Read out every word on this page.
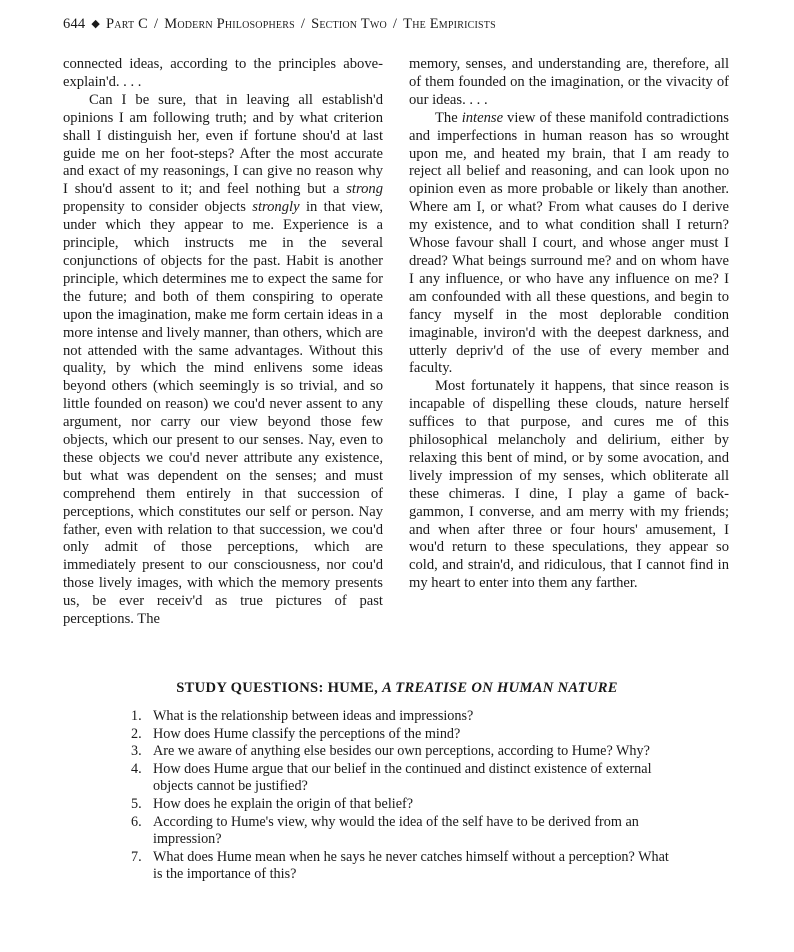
644 ◆ Part C / Modern Philosophers / Section Two / The Empiricists

connected ideas, according to the principles above-explain'd. . . .

Can I be sure, that in leaving all establish'd opinions I am following truth; and by what criterion shall I distinguish her, even if fortune shou'd at last guide me on her foot-steps? After the most accurate and exact of my reasonings, I can give no reason why I shou'd assent to it; and feel nothing but a strong propensity to consider objects strongly in that view, under which they appear to me. Experience is a principle, which instructs me in the several conjunctions of objects for the past. Habit is another principle, which determines me to expect the same for the future; and both of them conspiring to operate upon the imagination, make me form certain ideas in a more intense and lively manner, than others, which are not attended with the same advantages. Without this quality, by which the mind enlivens some ideas beyond others (which seemingly is so trivial, and so little founded on reason) we cou'd never assent to any argument, nor carry our view beyond those few objects, which our present to our senses. Nay, even to these objects we cou'd never attribute any existence, but what was dependent on the senses; and must comprehend them entirely in that succession of perceptions, which constitutes our self or person. Nay father, even with relation to that succession, we cou'd only admit of those perceptions, which are immediately present to our consciousness, nor cou'd those lively images, with which the memory presents us, be ever receiv'd as true pictures of past perceptions. The

memory, senses, and understanding are, therefore, all of them founded on the imagination, or the vivacity of our ideas. . . .

The intense view of these manifold contradictions and imperfections in human reason has so wrought upon me, and heated my brain, that I am ready to reject all belief and reasoning, and can look upon no opinion even as more probable or likely than another. Where am I, or what? From what causes do I derive my existence, and to what condition shall I return? Whose favour shall I court, and whose anger must I dread? What beings surround me? and on whom have I any influence, or who have any influence on me? I am confounded with all these questions, and begin to fancy myself in the most deplorable condition imaginable, inviron'd with the deepest darkness, and utterly depriv'd of the use of every member and faculty.

Most fortunately it happens, that since reason is incapable of dispelling these clouds, nature herself suffices to that purpose, and cures me of this philosophical melancholy and delirium, either by relaxing this bent of mind, or by some avocation, and lively impression of my senses, which obliterate all these chimeras. I dine, I play a game of back-gammon, I converse, and am merry with my friends; and when after three or four hours' amusement, I wou'd return to these speculations, they appear so cold, and strain'd, and ridiculous, that I cannot find in my heart to enter into them any farther.

STUDY QUESTIONS: HUME, A TREATISE ON HUMAN NATURE
1. What is the relationship between ideas and impressions?
2. How does Hume classify the perceptions of the mind?
3. Are we aware of anything else besides our own perceptions, according to Hume? Why?
4. How does Hume argue that our belief in the continued and distinct existence of external objects cannot be justified?
5. How does he explain the origin of that belief?
6. According to Hume's view, why would the idea of the self have to be derived from an impression?
7. What does Hume mean when he says he never catches himself without a perception? What is the importance of this?
